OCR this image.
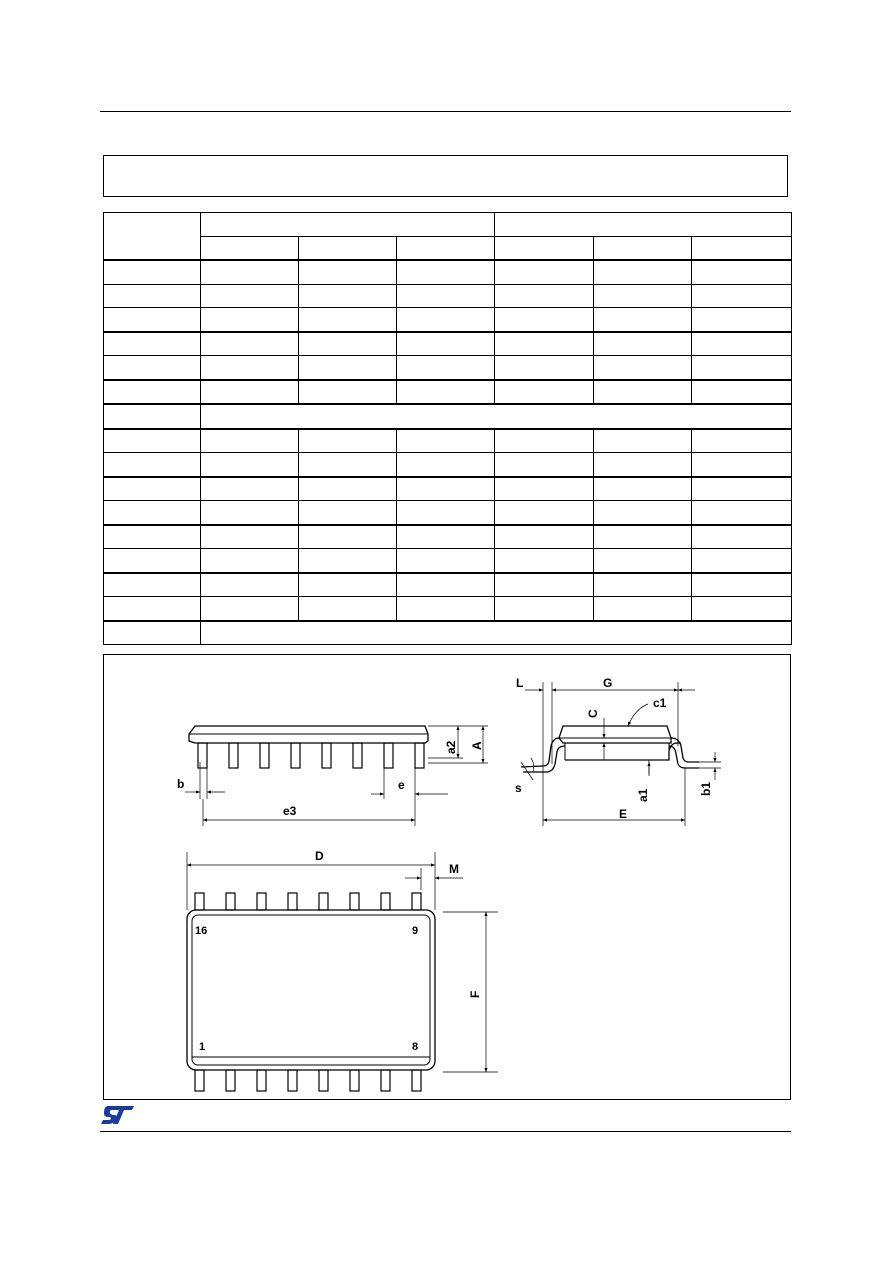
L	G
c1
C
a2 A
b	e
e3
s
a1	b1
E
D
M
F
16	9
1	8
